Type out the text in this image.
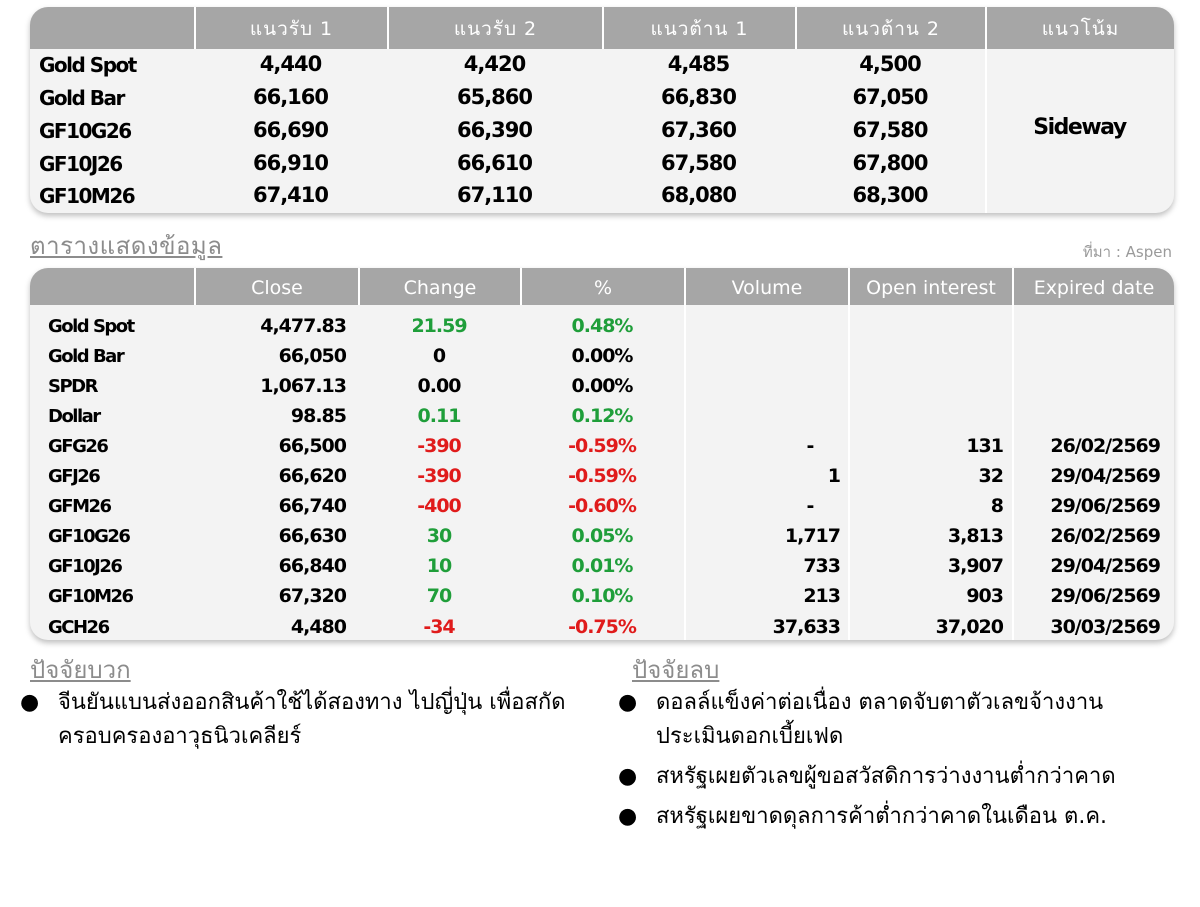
แนวรับ 1	แนวรับ 2	แนวต้าน 1	แนวต้าน 2	แนวโน้ม
Gold Spot	4,440	4,420	4,485	4,500
Gold Bar	66,160	65,860	66,830	67,050
GF10G26	66,690	66,390	67,360	67,580
GF10J26	66,910	66,610	67,580	67,800
GF10M26	67,410	67,110	68,080	68,300
Sideway
ตารางแสดงข้อมูล	ที่มา : Aspen
Close	Change	%	Volume	Open interest	Expired date
Gold Spot	4,477.83	21.59	0.48%
Gold Bar	66,050	0	0.00%
SPDR	1,067.13	0.00	0.00%
Dollar	98.85	0.11	0.12%
GFG26	66,500	-390	-0.59%	-	131	26/02/2569
GFJ26	66,620	-390	-0.59%	1	32	29/04/2569
GFM26	66,740	-400	-0.60%	-	8	29/06/2569
GF10G26	66,630	30	0.05%	1,717	3,813	26/02/2569
GF10J26	66,840	10	0.01%	733	3,907	29/04/2569
GF10M26	67,320	70	0.10%	213	903	29/06/2569
GCH26	4,480	-34	-0.75%	37,633	37,020	30/03/2569
ปัจจัยบวก
● จีนยันแบนส่งออกสินค้าใช้ได้สองทาง ไปญี่ปุ่น เพื่อสกัดครอบครองอาวุธนิวเคลียร์
ปัจจัยลบ
● ดอลล์แข็งค่าต่อเนื่อง ตลาดจับตาตัวเลขจ้างงานประเมินดอกเบี้ยเฟด
● สหรัฐเผยตัวเลขผู้ขอสวัสดิการว่างงานต่ำกว่าคาด
● สหรัฐเผยขาดดุลการค้าต่ำกว่าคาดในเดือน ต.ค.
